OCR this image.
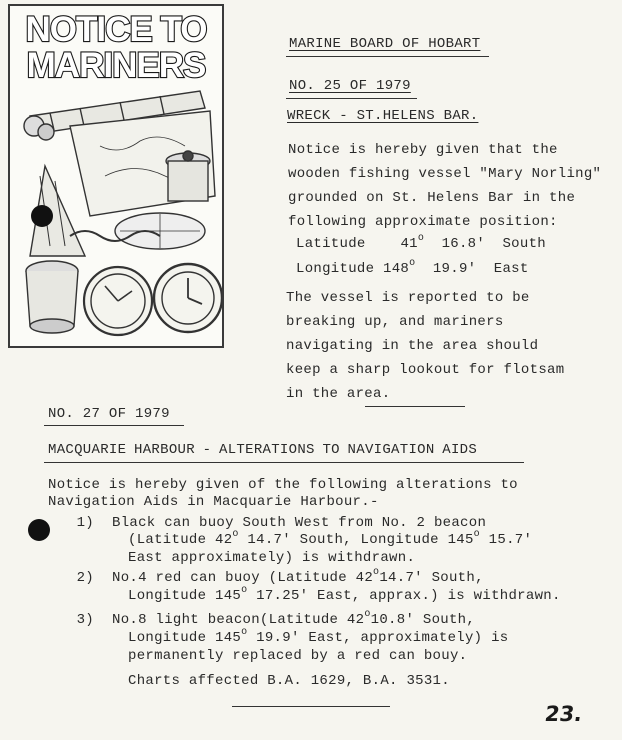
NOTICE TO
MARINERS
MARINE BOARD OF HOBART
NO. 25 OF 1979
WRECK - ST.HELENS BAR.
Notice is hereby given that the
wooden fishing vessel "Mary Norling"
grounded on St. Helens Bar in the
following approximate position:
Latitude 41$^o$ 16.8' South
Longitude 148$^o$ 19.9' East
The vessel is reported to be
breaking up, and mariners
navigating in the area should
keep a sharp lookout for flotsam
in the area.
NO. 27 OF 1979
MACQUARIE HARBOUR - ALTERATIONS TO NAVIGATION AIDS
Notice is hereby given of the following alterations to
Navigation Aids in Macquarie Harbour.-
1) Black can buoy South West from No. 2 beacon
(Latitude 42$^o$ 14.7' South, Longitude 145$^o$ 15.7'
East approximately) is withdrawn.
2) No.4 red can buoy (Latitude 42$^o$14.7' South,
Longitude 145$^o$ 17.25' East, apprax.) is withdrawn.
3) No.8 light beacon(Latitude 42$^o$10.8' South,
Longitude 145$^o$ 19.9' East, approximately) is
permanently replaced by a red can bouy.
Charts affected B.A. 1629, B.A. 3531.
23.
